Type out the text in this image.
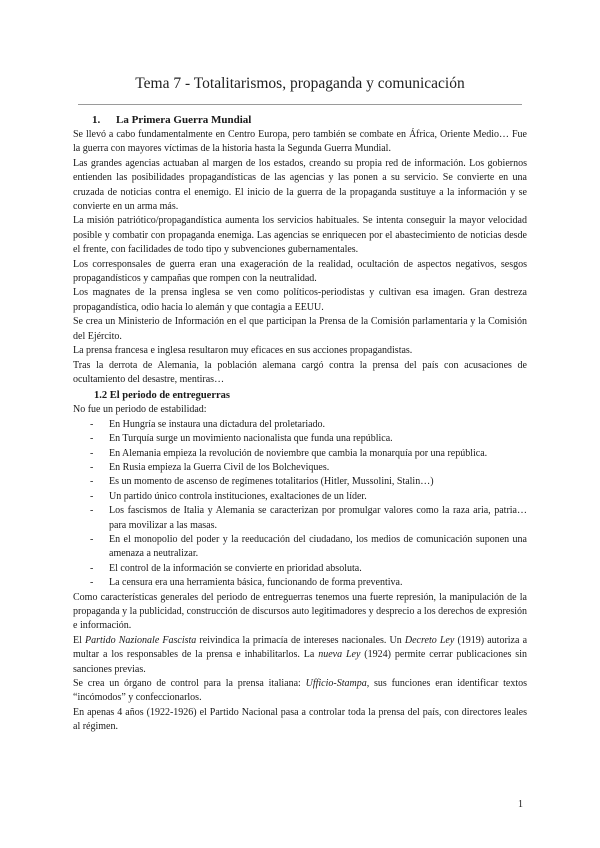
Tema 7 - Totalitarismos, propaganda y comunicación
1. La Primera Guerra Mundial

Se llevó a cabo fundamentalmente en Centro Europa, pero también se combate en África, Oriente Medio… Fue la guerra con mayores víctimas de la historia hasta la Segunda Guerra Mundial.

Las grandes agencias actuaban al margen de los estados, creando su propia red de información. Los gobiernos entienden las posibilidades propagandísticas de las agencias y las ponen a su servicio. Se convierte en una cruzada de noticias contra el enemigo. El inicio de la guerra de la propaganda sustituye a la información y se convierte en un arma más.

La misión patriótico/propagandística aumenta los servicios habituales. Se intenta conseguir la mayor velocidad posible y combatir con propaganda enemiga. Las agencias se enriquecen por el abastecimiento de noticias desde el frente, con facilidades de todo tipo y subvenciones gubernamentales.

Los corresponsales de guerra eran una exageración de la realidad, ocultación de aspectos negativos, sesgos propagandísticos y campañas que rompen con la neutralidad.

Los magnates de la prensa inglesa se ven como políticos-periodistas y cultivan esa imagen. Gran destreza propagandística, odio hacia lo alemán y que contagia a EEUU.

Se crea un Ministerio de Información en el que participan la Prensa de la Comisión parlamentaria y la Comisión del Ejército.

La prensa francesa e inglesa resultaron muy eficaces en sus acciones propagandistas.

Tras la derrota de Alemania, la población alemana cargó contra la prensa del país con acusaciones de ocultamiento del desastre, mentiras…

1.2 El periodo de entreguerras

No fue un periodo de estabilidad:

- En Hungría se instaura una dictadura del proletariado.
- En Turquía surge un movimiento nacionalista que funda una república.
- En Alemania empieza la revolución de noviembre que cambia la monarquía por una república.
- En Rusia empieza la Guerra Civil de los Bolcheviques.
- Es un momento de ascenso de regímenes totalitarios (Hitler, Mussolini, Stalin…)
- Un partido único controla instituciones, exaltaciones de un líder.
- Los fascismos de Italia y Alemania se caracterizan por promulgar valores como la raza aria, patria… para movilizar a las masas.
- En el monopolio del poder y la reeducación del ciudadano, los medios de comunicación suponen una amenaza a neutralizar.
- El control de la información se convierte en prioridad absoluta.
- La censura era una herramienta básica, funcionando de forma preventiva.

Como características generales del periodo de entreguerras tenemos una fuerte represión, la manipulación de la propaganda y la publicidad, construcción de discursos auto legitimadores y desprecio a los derechos de expresión e información.

El Partido Nazionale Fascista reivindica la primacía de intereses nacionales. Un Decreto Ley (1919) autoriza a multar a los responsables de la prensa e inhabilitarlos. La nueva Ley (1924) permite cerrar publicaciones sin sanciones previas.

Se crea un órgano de control para la prensa italiana: Ufficio-Stampa, sus funciones eran identificar textos “incómodos” y confeccionarlos.

En apenas 4 años (1922-1926) el Partido Nacional pasa a controlar toda la prensa del país, con directores leales al régimen.

1
